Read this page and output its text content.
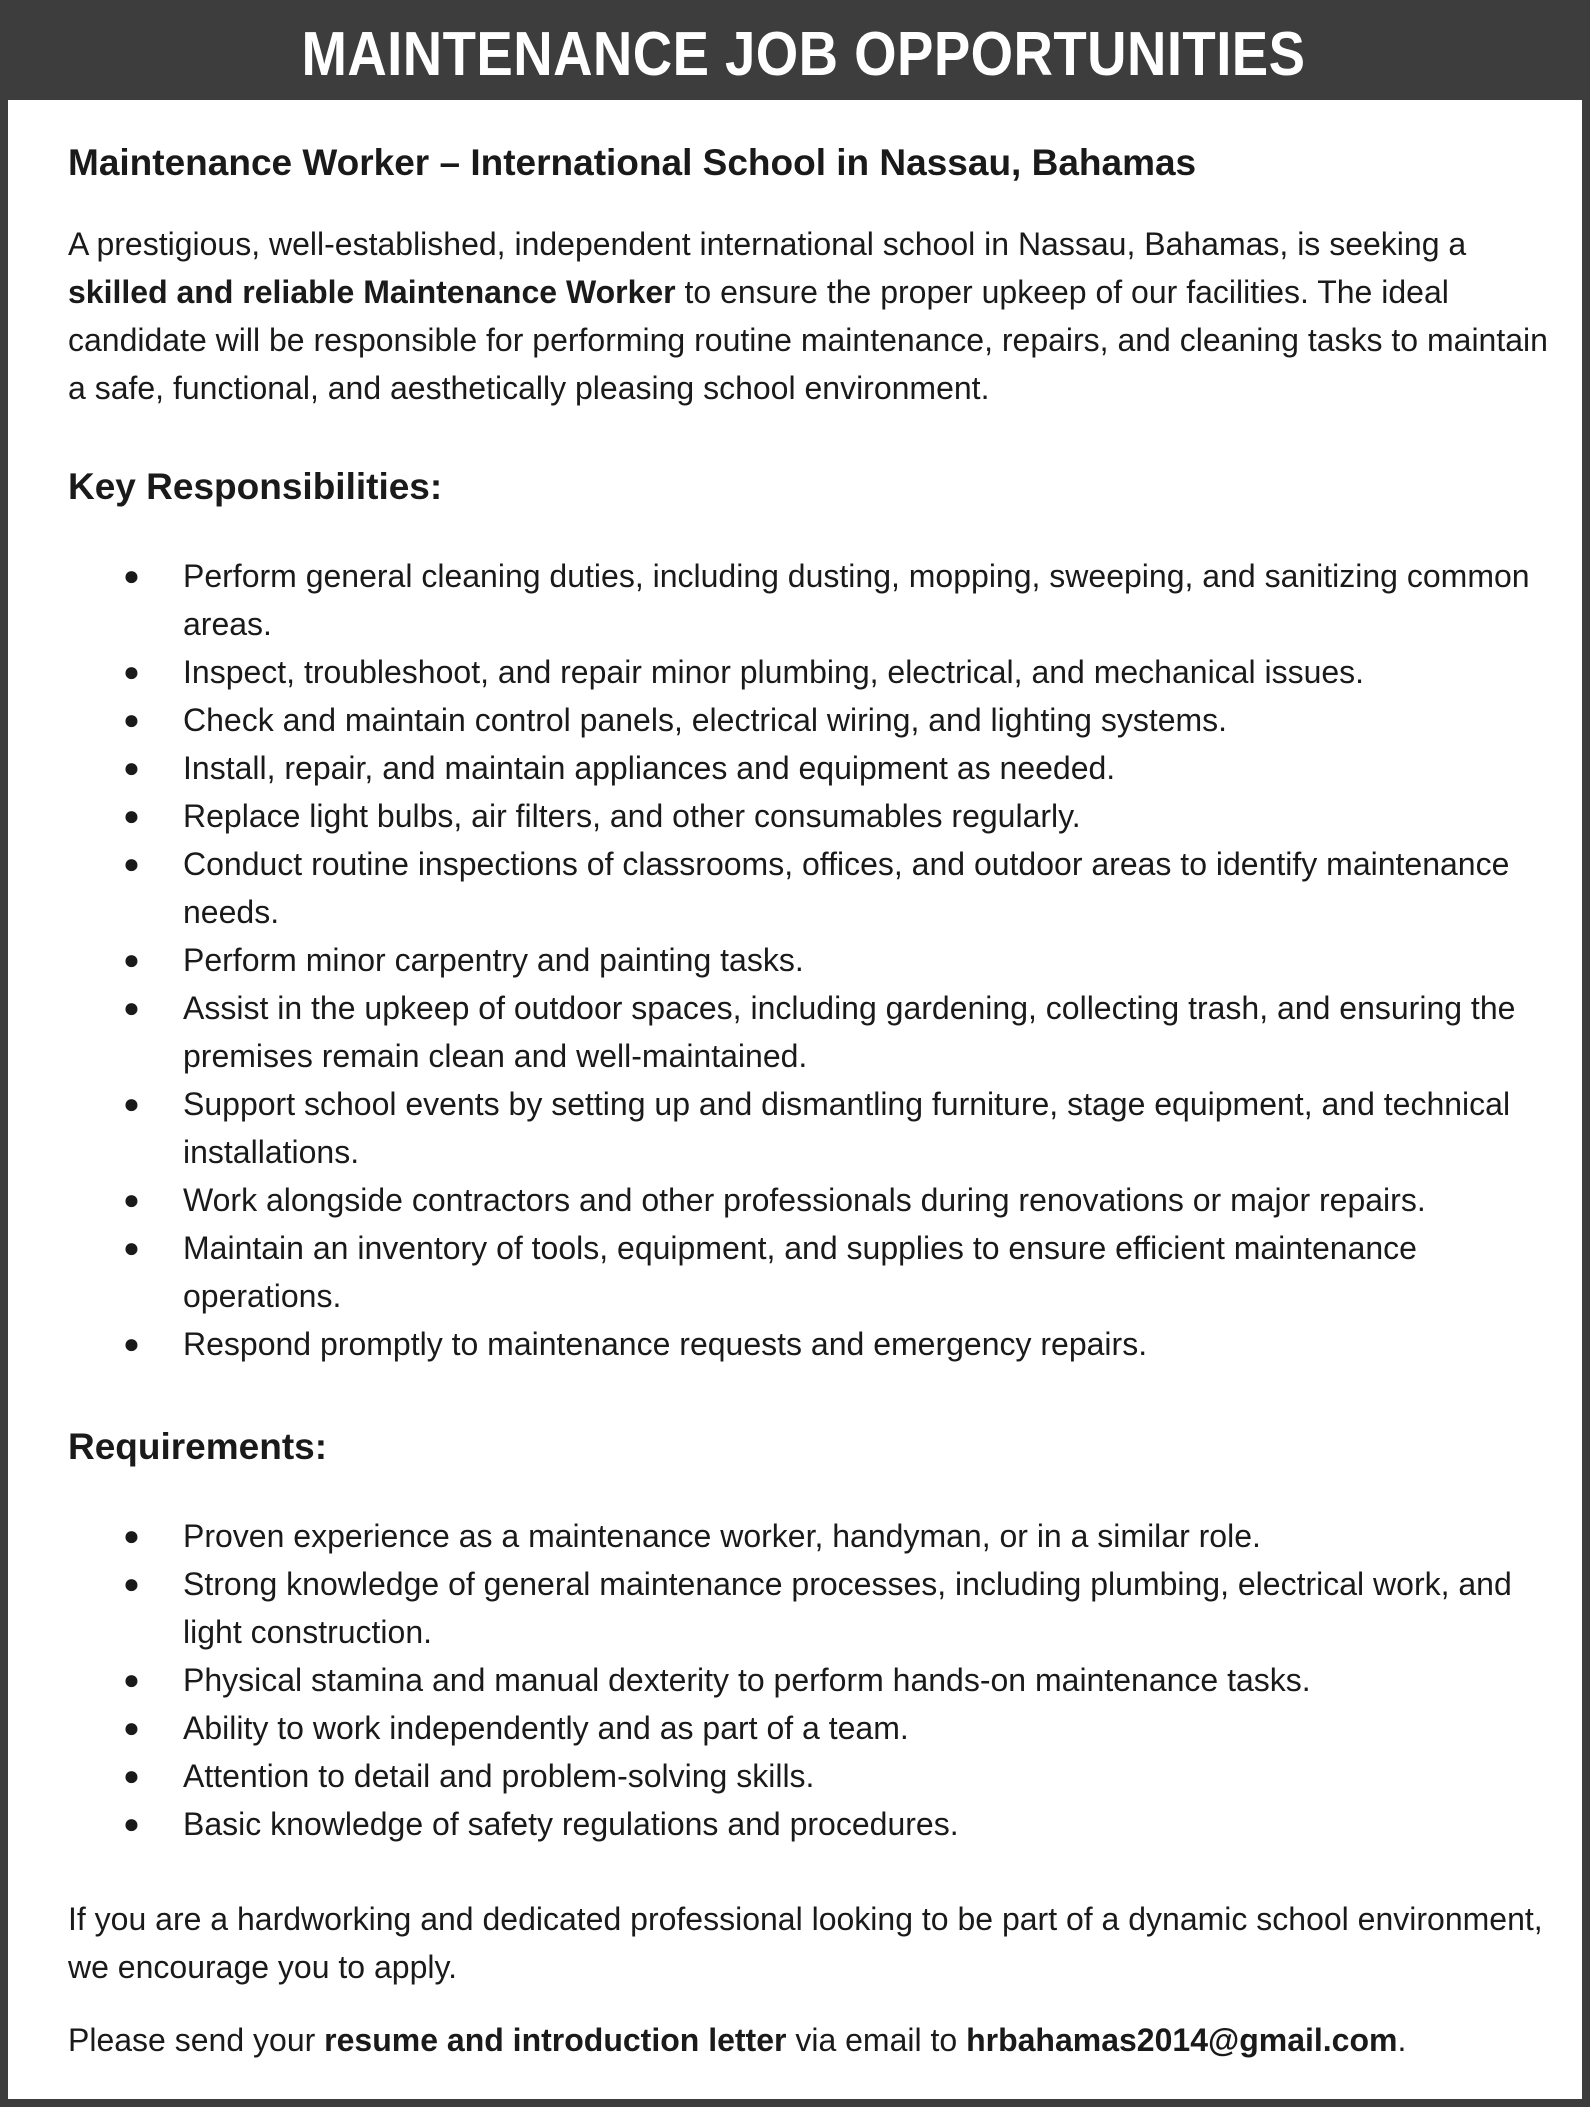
MAINTENANCE JOB OPPORTUNITIES
Maintenance Worker – International School in Nassau, Bahamas

A prestigious, well-established, independent international school in Nassau, Bahamas, is seeking a skilled and reliable Maintenance Worker to ensure the proper upkeep of our facilities. The ideal candidate will be responsible for performing routine maintenance, repairs, and cleaning tasks to maintain a safe, functional, and aesthetically pleasing school environment.

Key Responsibilities:
● Perform general cleaning duties, including dusting, mopping, sweeping, and sanitizing common areas.
● Inspect, troubleshoot, and repair minor plumbing, electrical, and mechanical issues.
● Check and maintain control panels, electrical wiring, and lighting systems.
● Install, repair, and maintain appliances and equipment as needed.
● Replace light bulbs, air filters, and other consumables regularly.
● Conduct routine inspections of classrooms, offices, and outdoor areas to identify maintenance needs.
● Perform minor carpentry and painting tasks.
● Assist in the upkeep of outdoor spaces, including gardening, collecting trash, and ensuring the premises remain clean and well-maintained.
● Support school events by setting up and dismantling furniture, stage equipment, and technical installations.
● Work alongside contractors and other professionals during renovations or major repairs.
● Maintain an inventory of tools, equipment, and supplies to ensure efficient maintenance operations.
● Respond promptly to maintenance requests and emergency repairs.
Requirements:
● Proven experience as a maintenance worker, handyman, or in a similar role.
● Strong knowledge of general maintenance processes, including plumbing, electrical work, and light construction.
● Physical stamina and manual dexterity to perform hands-on maintenance tasks.
● Ability to work independently and as part of a team.
● Attention to detail and problem-solving skills.
● Basic knowledge of safety regulations and procedures.

If you are a hardworking and dedicated professional looking to be part of a dynamic school environment, we encourage you to apply.

Please send your resume and introduction letter via email to hrbahamas2014@gmail.com.
